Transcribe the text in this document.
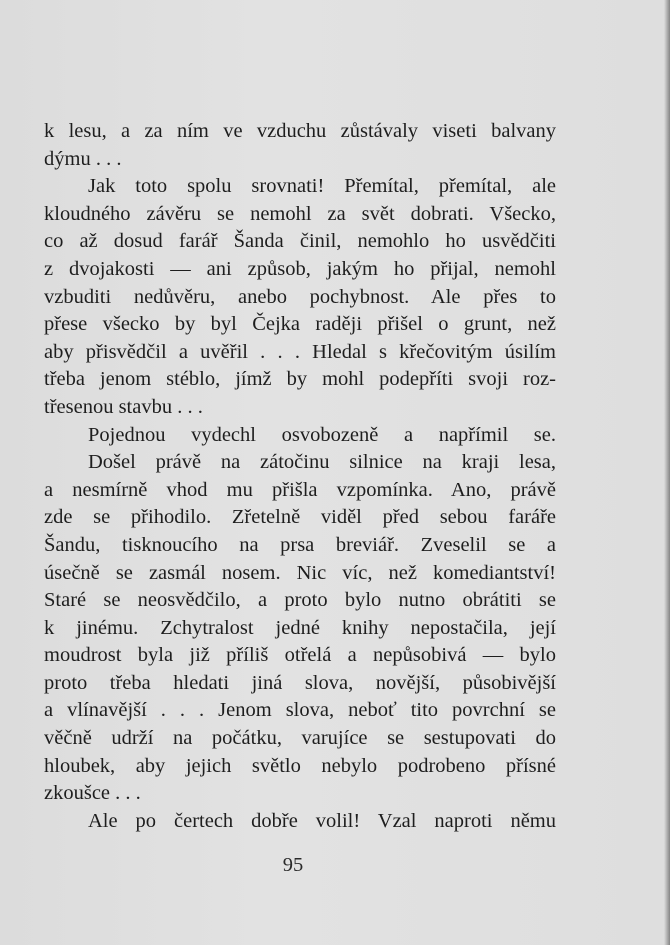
k lesu, a za ním ve vzduchu zůstávaly viseti balvany
dýmu . . .
Jak toto spolu srovnati! Přemítal, přemítal, ale
kloudného závěru se nemohl za svět dobrati. Všecko,
co až dosud farář Šanda činil, nemohlo ho usvědčiti
z dvojakosti — ani způsob, jakým ho přijal, nemohl
vzbuditi nedůvěru, anebo pochybnost. Ale přes to
přese všecko by byl Čejka raději přišel o grunt, než
aby přisvědčil a uvěřil . . . Hledal s křečovitým úsilím
třeba jenom stéblo, jímž by mohl podepříti svoji roz-
třesenou stavbu . . .
Pojednou vydechl osvobozeně a napřímil se.
Došel právě na zátočinu silnice na kraji lesa,
a nesmírně vhod mu přišla vzpomínka. Ano, právě
zde se přihodilo. Zřetelně viděl před sebou faráře
Šandu, tisknoucího na prsa breviář. Zveselil se a
úsečně se zasmál nosem. Nic víc, než komediantství!
Staré se neosvědčilo, a proto bylo nutno obrátiti se
k jinému. Zchytralost jedné knihy nepostačila, její
moudrost byla již příliš otřelá a nepůsobivá — bylo
proto třeba hledati jiná slova, novější, působivější
a vlínavější . . . Jenom slova, neboť tito povrchní se
věčně udrží na počátku, varujíce se sestupovati do
hloubek, aby jejich světlo nebylo podrobeno přísné
zkoušce . . .
Ale po čertech dobře volil! Vzal naproti němu
95
